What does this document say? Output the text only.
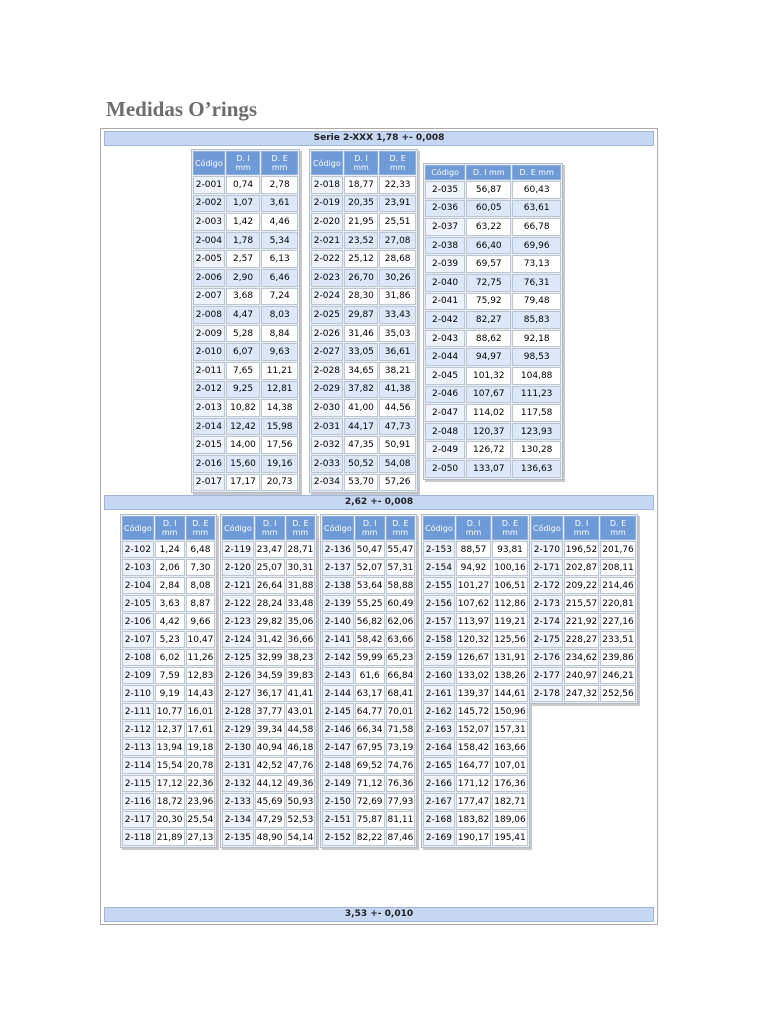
Medidas O’rings
Serie 2-XXX 1,78 +- 0,008
2,62 +- 0,008
3,53 +- 0,010
Código	D. I mm	D. E mm
2-001	0,74	2,78
2-002	1,07	3,61
2-003	1,42	4,46
2-004	1,78	5,34
2-005	2,57	6,13
2-006	2,90	6,46
2-007	3,68	7,24
2-008	4,47	8,03
2-009	5,28	8,84
2-010	6,07	9,63
2-011	7,65	11,21
2-012	9,25	12,81
2-013	10,82	14,38
2-014	12,42	15,98
2-015	14,00	17,56
2-016	15,60	19,16
2-017	17,17	20,73
Código	D. I mm	D. E mm
2-018	18,77	22,33
2-019	20,35	23,91
2-020	21,95	25,51
2-021	23,52	27,08
2-022	25,12	28,68
2-023	26,70	30,26
2-024	28,30	31,86
2-025	29,87	33,43
2-026	31,46	35,03
2-027	33,05	36,61
2-028	34,65	38,21
2-029	37,82	41,38
2-030	41,00	44,56
2-031	44,17	47,73
2-032	47,35	50,91
2-033	50,52	54,08
2-034	53,70	57,26
Código	D. I mm	D. E mm
2-035	56,87	60,43
2-036	60,05	63,61
2-037	63,22	66,78
2-038	66,40	69,96
2-039	69,57	73,13
2-040	72,75	76,31
2-041	75,92	79,48
2-042	82,27	85,83
2-043	88,62	92,18
2-044	94,97	98,53
2-045	101,32	104,88
2-046	107,67	111,23
2-047	114,02	117,58
2-048	120,37	123,93
2-049	126,72	130,28
2-050	133,07	136,63
Código	D. I mm	D. E mm
2-102	1,24	6,48
2-103	2,06	7,30
2-104	2,84	8,08
2-105	3,63	8,87
2-106	4,42	9,66
2-107	5,23	10,47
2-108	6,02	11,26
2-109	7,59	12,83
2-110	9,19	14,43
2-111	10,77	16,01
2-112	12,37	17,61
2-113	13,94	19,18
2-114	15,54	20,78
2-115	17,12	22,36
2-116	18,72	23,96
2-117	20,30	25,54
2-118	21,89	27,13
Código	D. I mm	D. E mm
2-119	23,47	28,71
2-120	25,07	30,31
2-121	26,64	31,88
2-122	28,24	33,48
2-123	29,82	35,06
2-124	31,42	36,66
2-125	32,99	38,23
2-126	34,59	39,83
2-127	36,17	41,41
2-128	37,77	43,01
2-129	39,34	44,58
2-130	40,94	46,18
2-131	42,52	47,76
2-132	44,12	49,36
2-133	45,69	50,93
2-134	47,29	52,53
2-135	48,90	54,14
Código	D. I mm	D. E mm
2-136	50,47	55,47
2-137	52,07	57,31
2-138	53,64	58,88
2-139	55,25	60,49
2-140	56,82	62,06
2-141	58,42	63,66
2-142	59,99	65,23
2-143	61,6	66,84
2-144	63,17	68,41
2-145	64,77	70,01
2-146	66,34	71,58
2-147	67,95	73,19
2-148	69,52	74,76
2-149	71,12	76,36
2-150	72,69	77,93
2-151	75,87	81,11
2-152	82,22	87,46
Código	D. I mm	D. E mm
2-153	88,57	93,81
2-154	94,92	100,16
2-155	101,27	106,51
2-156	107,62	112,86
2-157	113,97	119,21
2-158	120,32	125,56
2-159	126,67	131,91
2-160	133,02	138,26
2-161	139,37	144,61
2-162	145,72	150,96
2-163	152,07	157,31
2-164	158,42	163,66
2-165	164,77	107,01
2-166	171,12	176,36
2-167	177,47	182,71
2-168	183,82	189,06
2-169	190,17	195,41
Código	D. I mm	D. E mm
2-170	196,52	201,76
2-171	202,87	208,11
2-172	209,22	214,46
2-173	215,57	220,81
2-174	221,92	227,16
2-175	228,27	233,51
2-176	234,62	239,86
2-177	240,97	246,21
2-178	247,32	252,56
